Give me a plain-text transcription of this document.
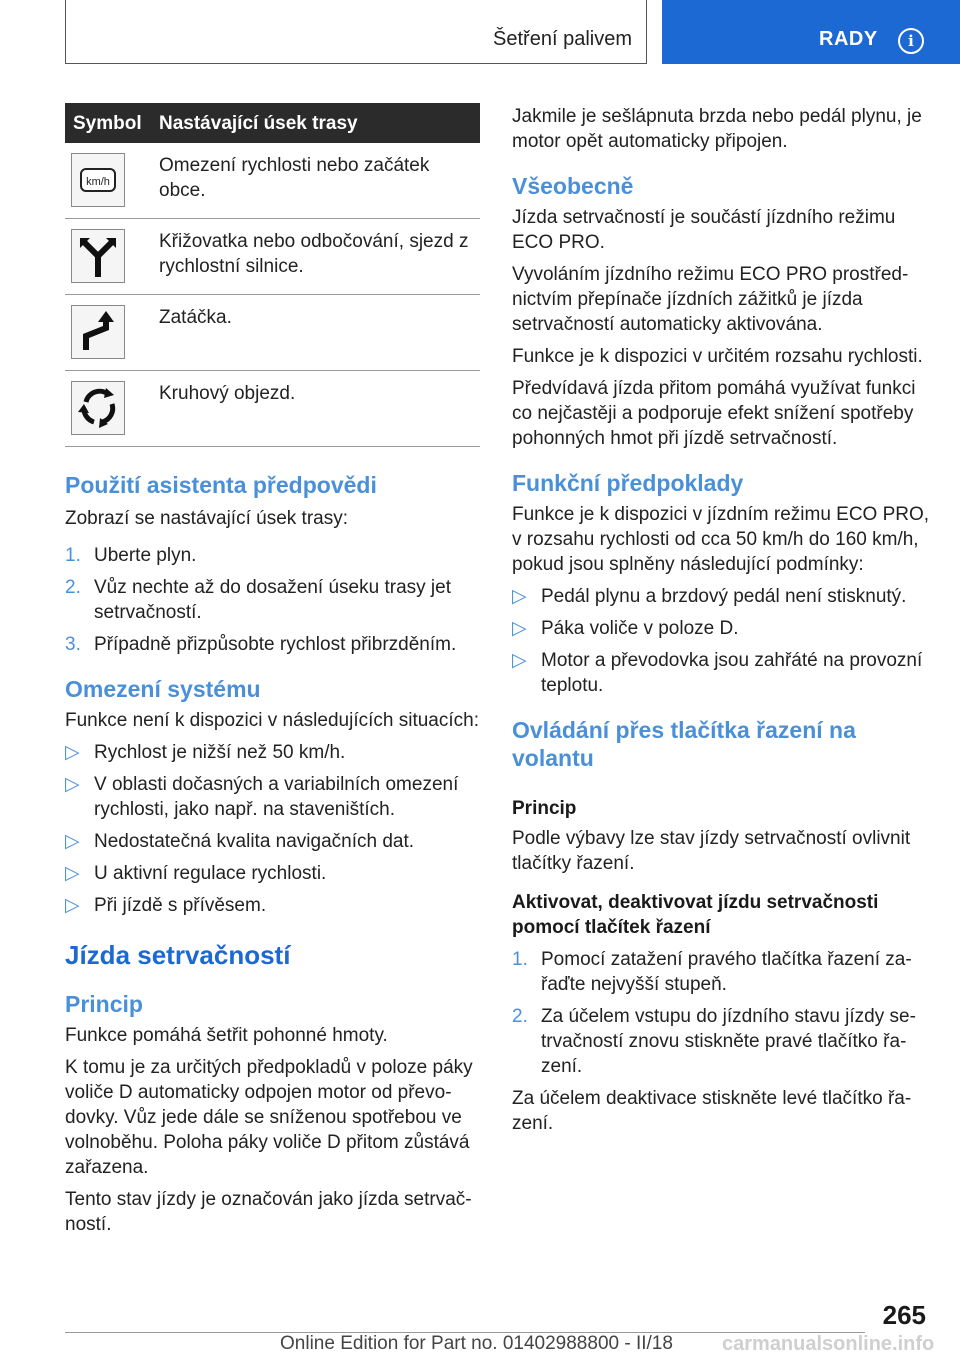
Šetření palivem	RADY	i
Symbol Nastávající úsek trasy
km/h
Omezení rychlosti nebo začátek obce.
Křižovatka nebo odbočování, sjezd z rychlostní silnice.
Zatáčka.
Kruhový objezd.
Použití asistenta předpovědi

Zobrazí se nastávající úsek trasy:

1. Uberte plyn.
2. Vůz nechte až do dosažení úseku trasy jet setrvačností.
3. Případně přizpůsobte rychlost přibrzděním.
Omezení systému

Funkce není k dispozici v následujících situacích:

▷ Rychlost je nižší než 50 km/h.
▷ V oblasti dočasných a variabilních omezení rychlosti, jako např. na staveništích.
▷ Nedostatečná kvalita navigačních dat.
▷ U aktivní regulace rychlosti.
▷ Při jízdě s přívěsem.
Jízda setrvačností
Princip

Funkce pomáhá šetřit pohonné hmoty.

K tomu je za určitých předpokladů v poloze páky voliče D automaticky odpojen motor od převodovky. Vůz jede dále se sníženou spotřebou ve volnoběhu. Poloha páky voliče D přitom zůstává zařazena.

Tento stav jízdy je označován jako jízda setrvačností.

Jakmile je sešlápnuta brzda nebo pedál plynu, je motor opět automaticky připojen.

Všeobecně

Jízda setrvačností je součástí jízdního režimu ECO PRO.

Vyvoláním jízdního režimu ECO PRO prostřednictvím přepínače jízdních zážitků je jízda setrvačností automaticky aktivována.

Funkce je k dispozici v určitém rozsahu rychlosti.

Předvídavá jízda přitom pomáhá využívat funkci co nejčastěji a podporuje efekt snížení spotřeby pohonných hmot při jízdě setrvačností.

Funkční předpoklady

Funkce je k dispozici v jízdním režimu ECO PRO, v rozsahu rychlosti od cca 50 km/h do 160 km/h, pokud jsou splněny následující podmínky:

▷ Pedál plynu a brzdový pedál není stisknutý.
▷ Páka voliče v poloze D.
▷ Motor a převodovka jsou zahřáté na provozní teplotu.
Ovládání přes tlačítka řazení na volantu
Princip

Podle výbavy lze stav jízdy setrvačností ovlivnit tlačítky řazení.

Aktivovat, deaktivovat jízdu setrvačnosti pomocí tlačítek řazení
1. Pomocí zatažení pravého tlačítka řazení zařaďte nejvyšší stupeň.
2. Za účelem vstupu do jízdního stavu jízdy setrvačností znovu stiskněte pravé tlačítko řazení.

Za účelem deaktivace stiskněte levé tlačítko řazení.

265
Online Edition for Part no. 01402988800 - II/18 carmanualsonline.info
